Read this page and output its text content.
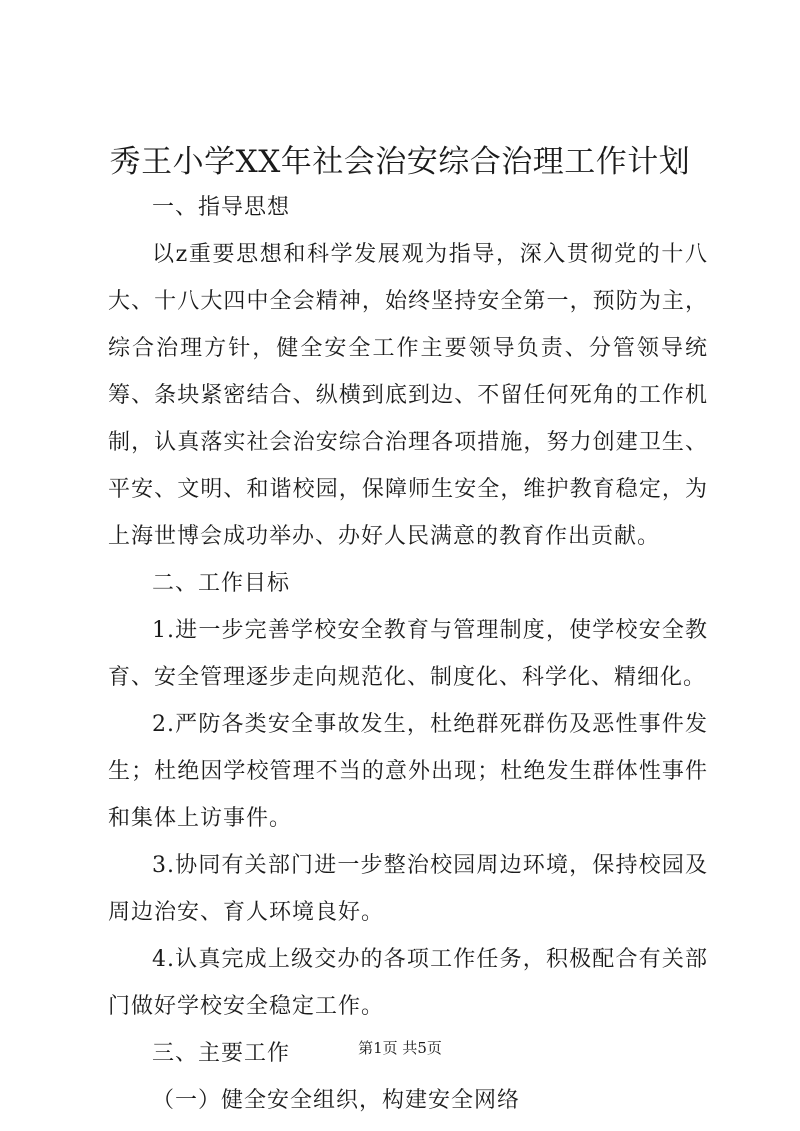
秀王小学XX年社会治安综合治理工作计划

一、指导思想

以z重要思想和科学发展观为指导，深入贯彻党的十八大、十八大四中全会精神，始终坚持安全第一，预防为主，综合治理方针，健全安全工作主要领导负责、分管领导统筹、条块紧密结合、纵横到底到边、不留任何死角的工作机制，认真落实社会治安综合治理各项措施，努力创建卫生、平安、文明、和谐校园，保障师生安全，维护教育稳定，为上海世博会成功举办、办好人民满意的教育作出贡献。

二、工作目标

1.进一步完善学校安全教育与管理制度，使学校安全教育、安全管理逐步走向规范化、制度化、科学化、精细化。

2.严防各类安全事故发生，杜绝群死群伤及恶性事件发生；杜绝因学校管理不当的意外出现；杜绝发生群体性事件和集体上访事件。

3.协同有关部门进一步整治校园周边环境，保持校园及周边治安、育人环境良好。

4.认真完成上级交办的各项工作任务，积极配合有关部门做好学校安全稳定工作。

三、主要工作

（一）健全安全组织，构建安全网络

第1页 共5页
